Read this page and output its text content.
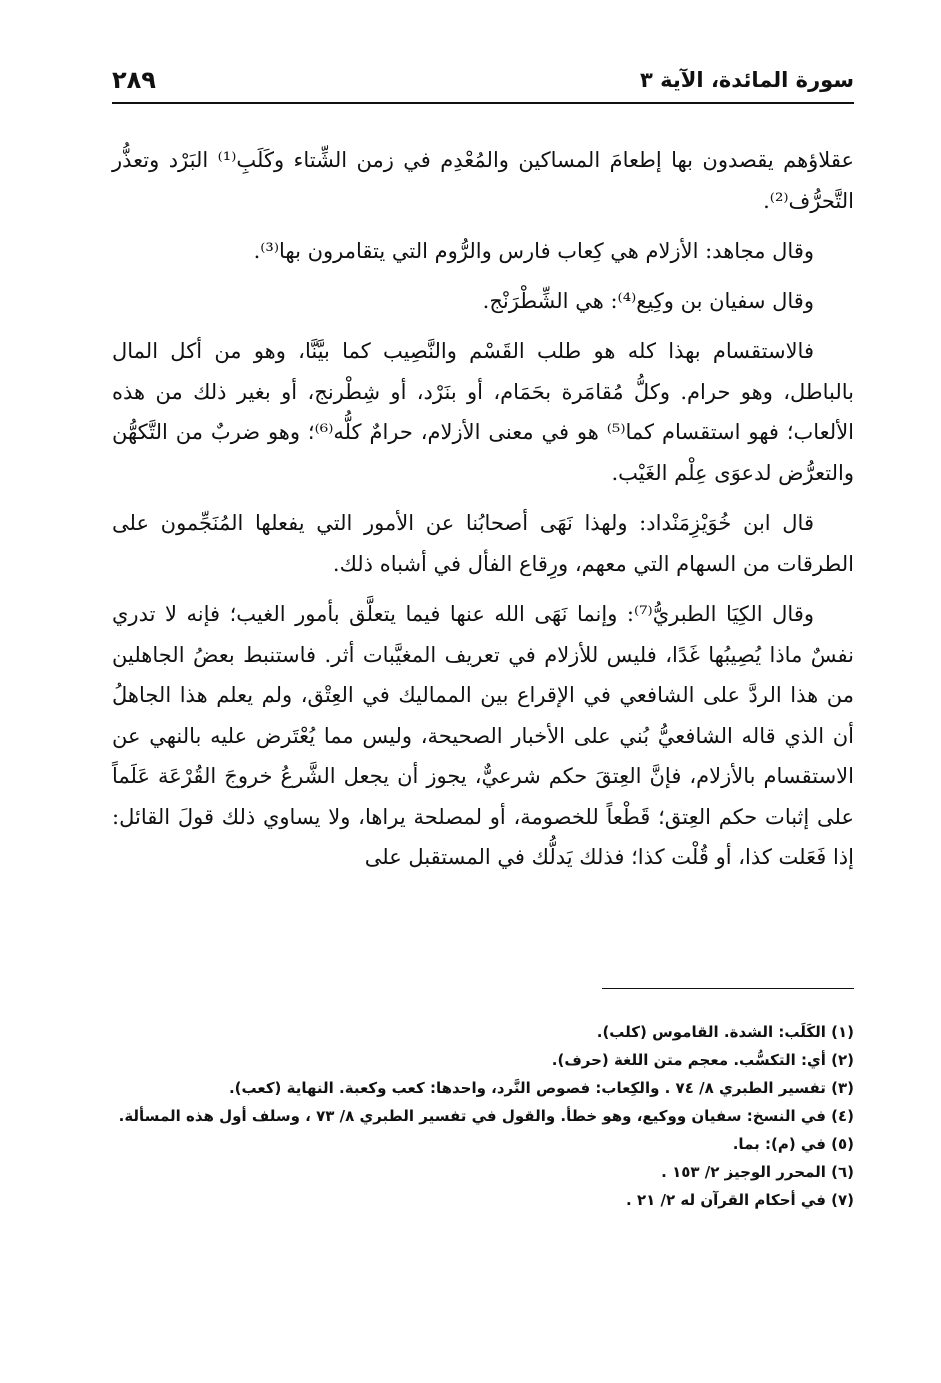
سورة المائدة، الآية ٣
٢٨٩

عقلاؤهم يقصدون بها إطعامَ المساكين والمُعْدِم في زمن الشِّتاء وكَلَبِ⁽¹⁾ البَرْد وتعذُّر التَّحرُّف⁽²⁾.

وقال مجاهد: الأزلام هي كِعاب فارس والرُّوم التي يتقامرون بها⁽³⁾.

وقال سفيان بن وكِيع⁽⁴⁾: هي الشِّطْرَنْج.

فالاستقسام بهذا كله هو طلب القَسْم والنَّصِيب كما بيَّنَّا، وهو من أكل المال بالباطل، وهو حرام. وكلُّ مُقامَرة بحَمَام، أو بنَرْد، أو شِطْرنج، أو بغير ذلك من هذه الألعاب؛ فهو استقسام كما⁽⁵⁾ هو في معنى الأزلام، حرامٌ كلُّه⁽⁶⁾؛ وهو ضربٌ من التَّكهُّن والتعرُّض لدعوَى عِلْم الغَيْب.

قال ابن خُوَيْزِمَنْداد: ولهذا نَهَى أصحابُنا عن الأمور التي يفعلها المُنَجِّمون على الطرقات من السهام التي معهم، ورِقاع الفأل في أشباه ذلك.

وقال الكِيَا الطبريُّ⁽⁷⁾: وإنما نَهَى الله عنها فيما يتعلَّق بأمور الغيب؛ فإنه لا تدري نفسٌ ماذا يُصِيبُها غَدًا، فليس للأزلام في تعريف المغيَّبات أثر. فاستنبط بعضُ الجاهلين من هذا الردَّ على الشافعي في الإقراع بين المماليك في العِتْق، ولم يعلم هذا الجاهلُ أن الذي قاله الشافعيُّ بُني على الأخبار الصحيحة، وليس مما يُعْتَرض عليه بالنهي عن الاستقسام بالأزلام، فإنَّ العِتقَ حكم شرعيٌّ، يجوز أن يجعل الشَّرعُ خروجَ القُرْعَة عَلَماً على إثبات حكم العِتق؛ قَطْعاً للخصومة، أو لمصلحة يراها، ولا يساوي ذلك قولَ القائل: إذا فَعَلت كذا، أو قُلْت كذا؛ فذلك يَدلُّك في المستقبل على

(١) الكَلَب: الشدة. القاموس (كلب).
(٢) أي: التكسُّب. معجم متن اللغة (حرف).
(٣) تفسير الطبري ٨/ ٧٤ . والكِعاب: فصوص النَّرد، واحدها: كعب وكعبة. النهاية (كعب).
(٤) في النسخ: سفيان ووكيع، وهو خطأ. والقول في تفسير الطبري ٨/ ٧٣ ، وسلف أول هذه المسألة.
(٥) في (م): بما.
(٦) المحرر الوجيز ٢/ ١٥٣ .
(٧) في أحكام القرآن له ٢/ ٢١ .
